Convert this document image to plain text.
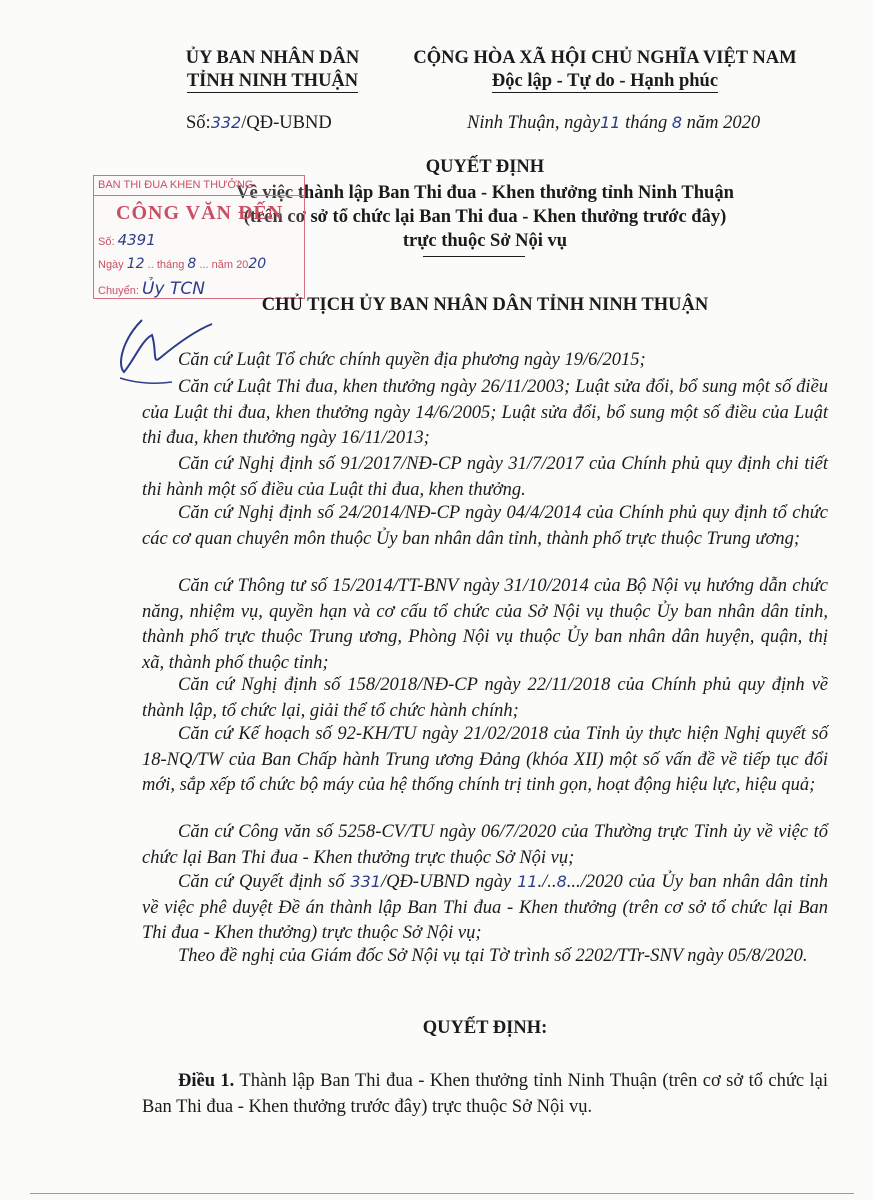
ỦY BAN NHÂN DÂN
TỈNH NINH THUẬN
CỘNG HÒA XÃ HỘI CHỦ NGHĨA VIỆT NAM
Độc lập - Tự do - Hạnh phúc
Số:332/QĐ-UBND	Ninh Thuận, ngày11 tháng 8 năm 2020
QUYẾT ĐỊNH
Về việc thành lập Ban Thi đua - Khen thưởng tỉnh Ninh Thuận
(trên cơ sở tổ chức lại Ban Thi đua - Khen thưởng trước đây)
trực thuộc Sở Nội vụ
BAN THI ĐUA KHEN THƯỞNG
CÔNG VĂN ĐẾN
Số: 4391
Ngày 12 .. tháng 8 ... năm 2020
Chuyển: Ủy TCN
CHỦ TỊCH ỦY BAN NHÂN DÂN TỈNH NINH THUẬN
Căn cứ Luật Tổ chức chính quyền địa phương ngày 19/6/2015;
Căn cứ Luật Thi đua, khen thưởng ngày 26/11/2003; Luật sửa đổi, bổ sung một số điều của Luật thi đua, khen thưởng ngày 14/6/2005; Luật sửa đổi, bổ sung một số điều của Luật thi đua, khen thưởng ngày 16/11/2013;
Căn cứ Nghị định số 91/2017/NĐ-CP ngày 31/7/2017 của Chính phủ quy định chi tiết thi hành một số điều của Luật thi đua, khen thưởng.
Căn cứ Nghị định số 24/2014/NĐ-CP ngày 04/4/2014 của Chính phủ quy định tổ chức các cơ quan chuyên môn thuộc Ủy ban nhân dân tỉnh, thành phố trực thuộc Trung ương;
Căn cứ Thông tư số 15/2014/TT-BNV ngày 31/10/2014 của Bộ Nội vụ hướng dẫn chức năng, nhiệm vụ, quyền hạn và cơ cấu tổ chức của Sở Nội vụ thuộc Ủy ban nhân dân tỉnh, thành phố trực thuộc Trung ương, Phòng Nội vụ thuộc Ủy ban nhân dân huyện, quận, thị xã, thành phố thuộc tỉnh;
Căn cứ Nghị định số 158/2018/NĐ-CP ngày 22/11/2018 của Chính phủ quy định về thành lập, tổ chức lại, giải thể tổ chức hành chính;
Căn cứ Kế hoạch số 92-KH/TU ngày 21/02/2018 của Tỉnh ủy thực hiện Nghị quyết số 18-NQ/TW của Ban Chấp hành Trung ương Đảng (khóa XII) một số vấn đề về tiếp tục đổi mới, sắp xếp tổ chức bộ máy của hệ thống chính trị tinh gọn, hoạt động hiệu lực, hiệu quả;
Căn cứ Công văn số 5258-CV/TU ngày 06/7/2020 của Thường trực Tỉnh ủy về việc tổ chức lại Ban Thi đua - Khen thưởng trực thuộc Sở Nội vụ;
Căn cứ Quyết định số 331/QĐ-UBND ngày 11./..8.../2020 của Ủy ban nhân dân tỉnh về việc phê duyệt Đề án thành lập Ban Thi đua - Khen thưởng (trên cơ sở tổ chức lại Ban Thi đua - Khen thưởng) trực thuộc Sở Nội vụ;
Theo đề nghị của Giám đốc Sở Nội vụ tại Tờ trình số 2202/TTr-SNV ngày 05/8/2020.
QUYẾT ĐỊNH:
Điều 1. Thành lập Ban Thi đua - Khen thưởng tỉnh Ninh Thuận (trên cơ sở tổ chức lại Ban Thi đua - Khen thưởng trước đây) trực thuộc Sở Nội vụ.
